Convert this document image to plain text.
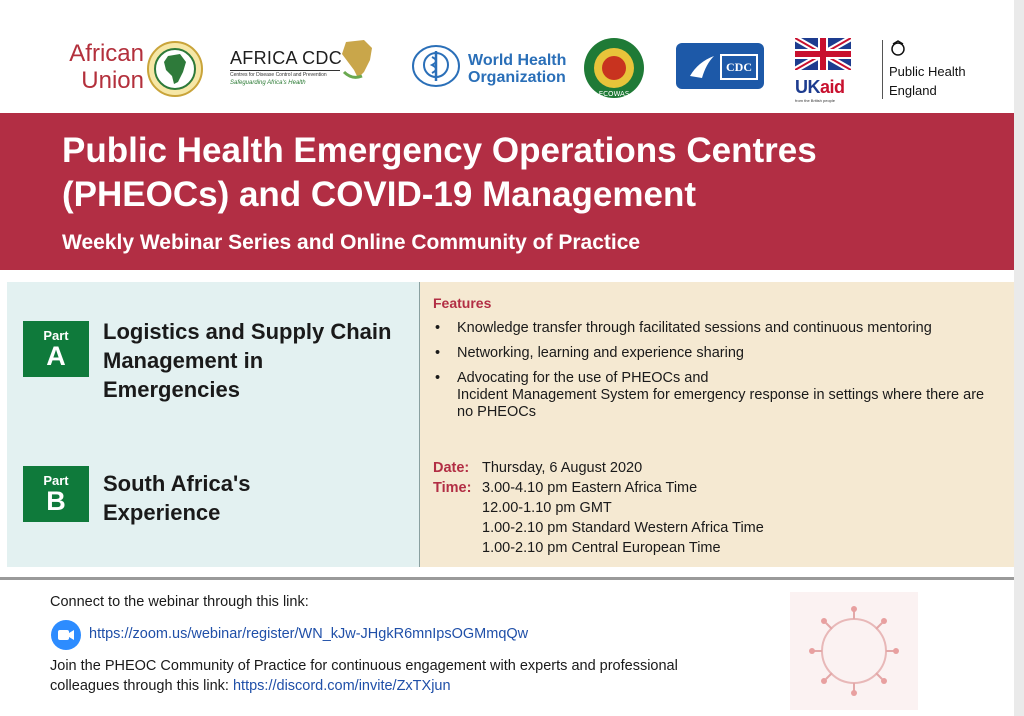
African Union
AFRICA CDC
Centres for Disease Control and Prevention
Safeguarding Africa's Health
World Health
Organization
ECOWAS
CDC
UKaid
from the British people
Public Health
England
Public Health Emergency Operations Centres (PHEOCs) and COVID-19 Management
Weekly Webinar Series and Online Community of Practice
Part
A
Logistics and Supply Chain Management in Emergencies
Part
B
South Africa's Experience
Features
• Knowledge transfer through facilitated sessions and continuous mentoring
• Networking, learning and experience sharing
• Advocating for the use of PHEOCs and
Incident Management System for emergency response in settings where there are no PHEOCs
Date: Thursday, 6 August 2020
Time: 3.00-4.10 pm Eastern Africa Time
12.00-1.10 pm GMT
1.00-2.10 pm Standard Western Africa Time
1.00-2.10 pm Central European Time
Connect to the webinar through this link:
https://zoom.us/webinar/register/WN_kJw-JHgkR6mnIpsOGMmqQw
Join the PHEOC Community of Practice for continuous engagement with experts and professional colleagues through this link: https://discord.com/invite/ZxTXjun
